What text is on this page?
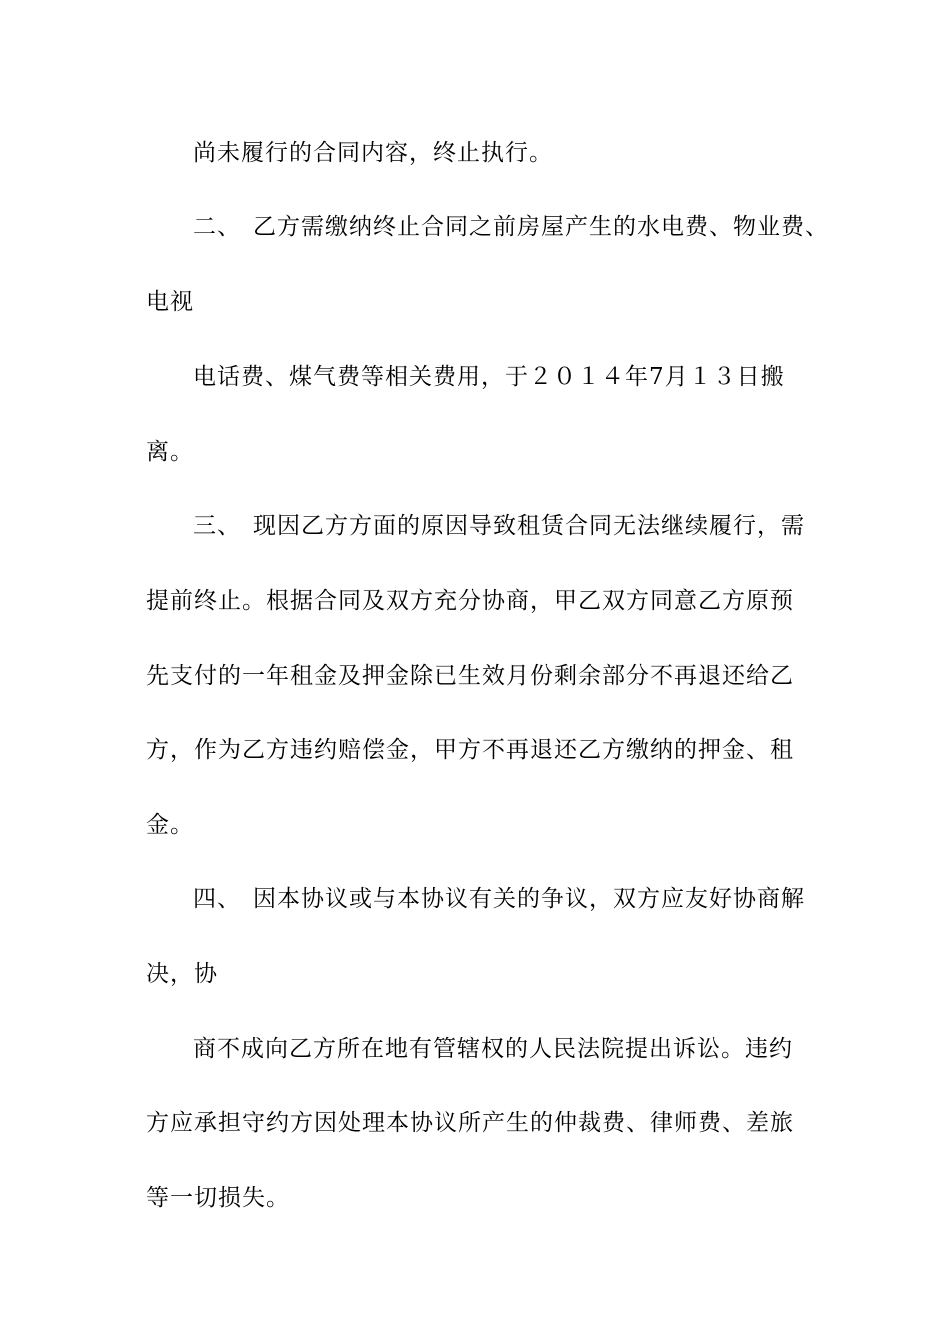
尚未履行的合同内容，终止执行。
二、 乙方需缴纳终止合同之前房屋产生的水电费、物业费、
电视
电话费、煤气费等相关费用，于２０１４年7月１３日搬
离。
三、 现因乙方方面的原因导致租赁合同无法继续履行，需
提前终止。根据合同及双方充分协商，甲乙双方同意乙方原预
先支付的一年租金及押金除已生效月份剩余部分不再退还给乙
方，作为乙方违约赔偿金，甲方不再退还乙方缴纳的押金、租
金。
四、 因本协议或与本协议有关的争议，双方应友好协商解
决，协
商不成向乙方所在地有管辖权的人民法院提出诉讼。违约
方应承担守约方因处理本协议所产生的仲裁费、律师费、差旅
等一切损失。
